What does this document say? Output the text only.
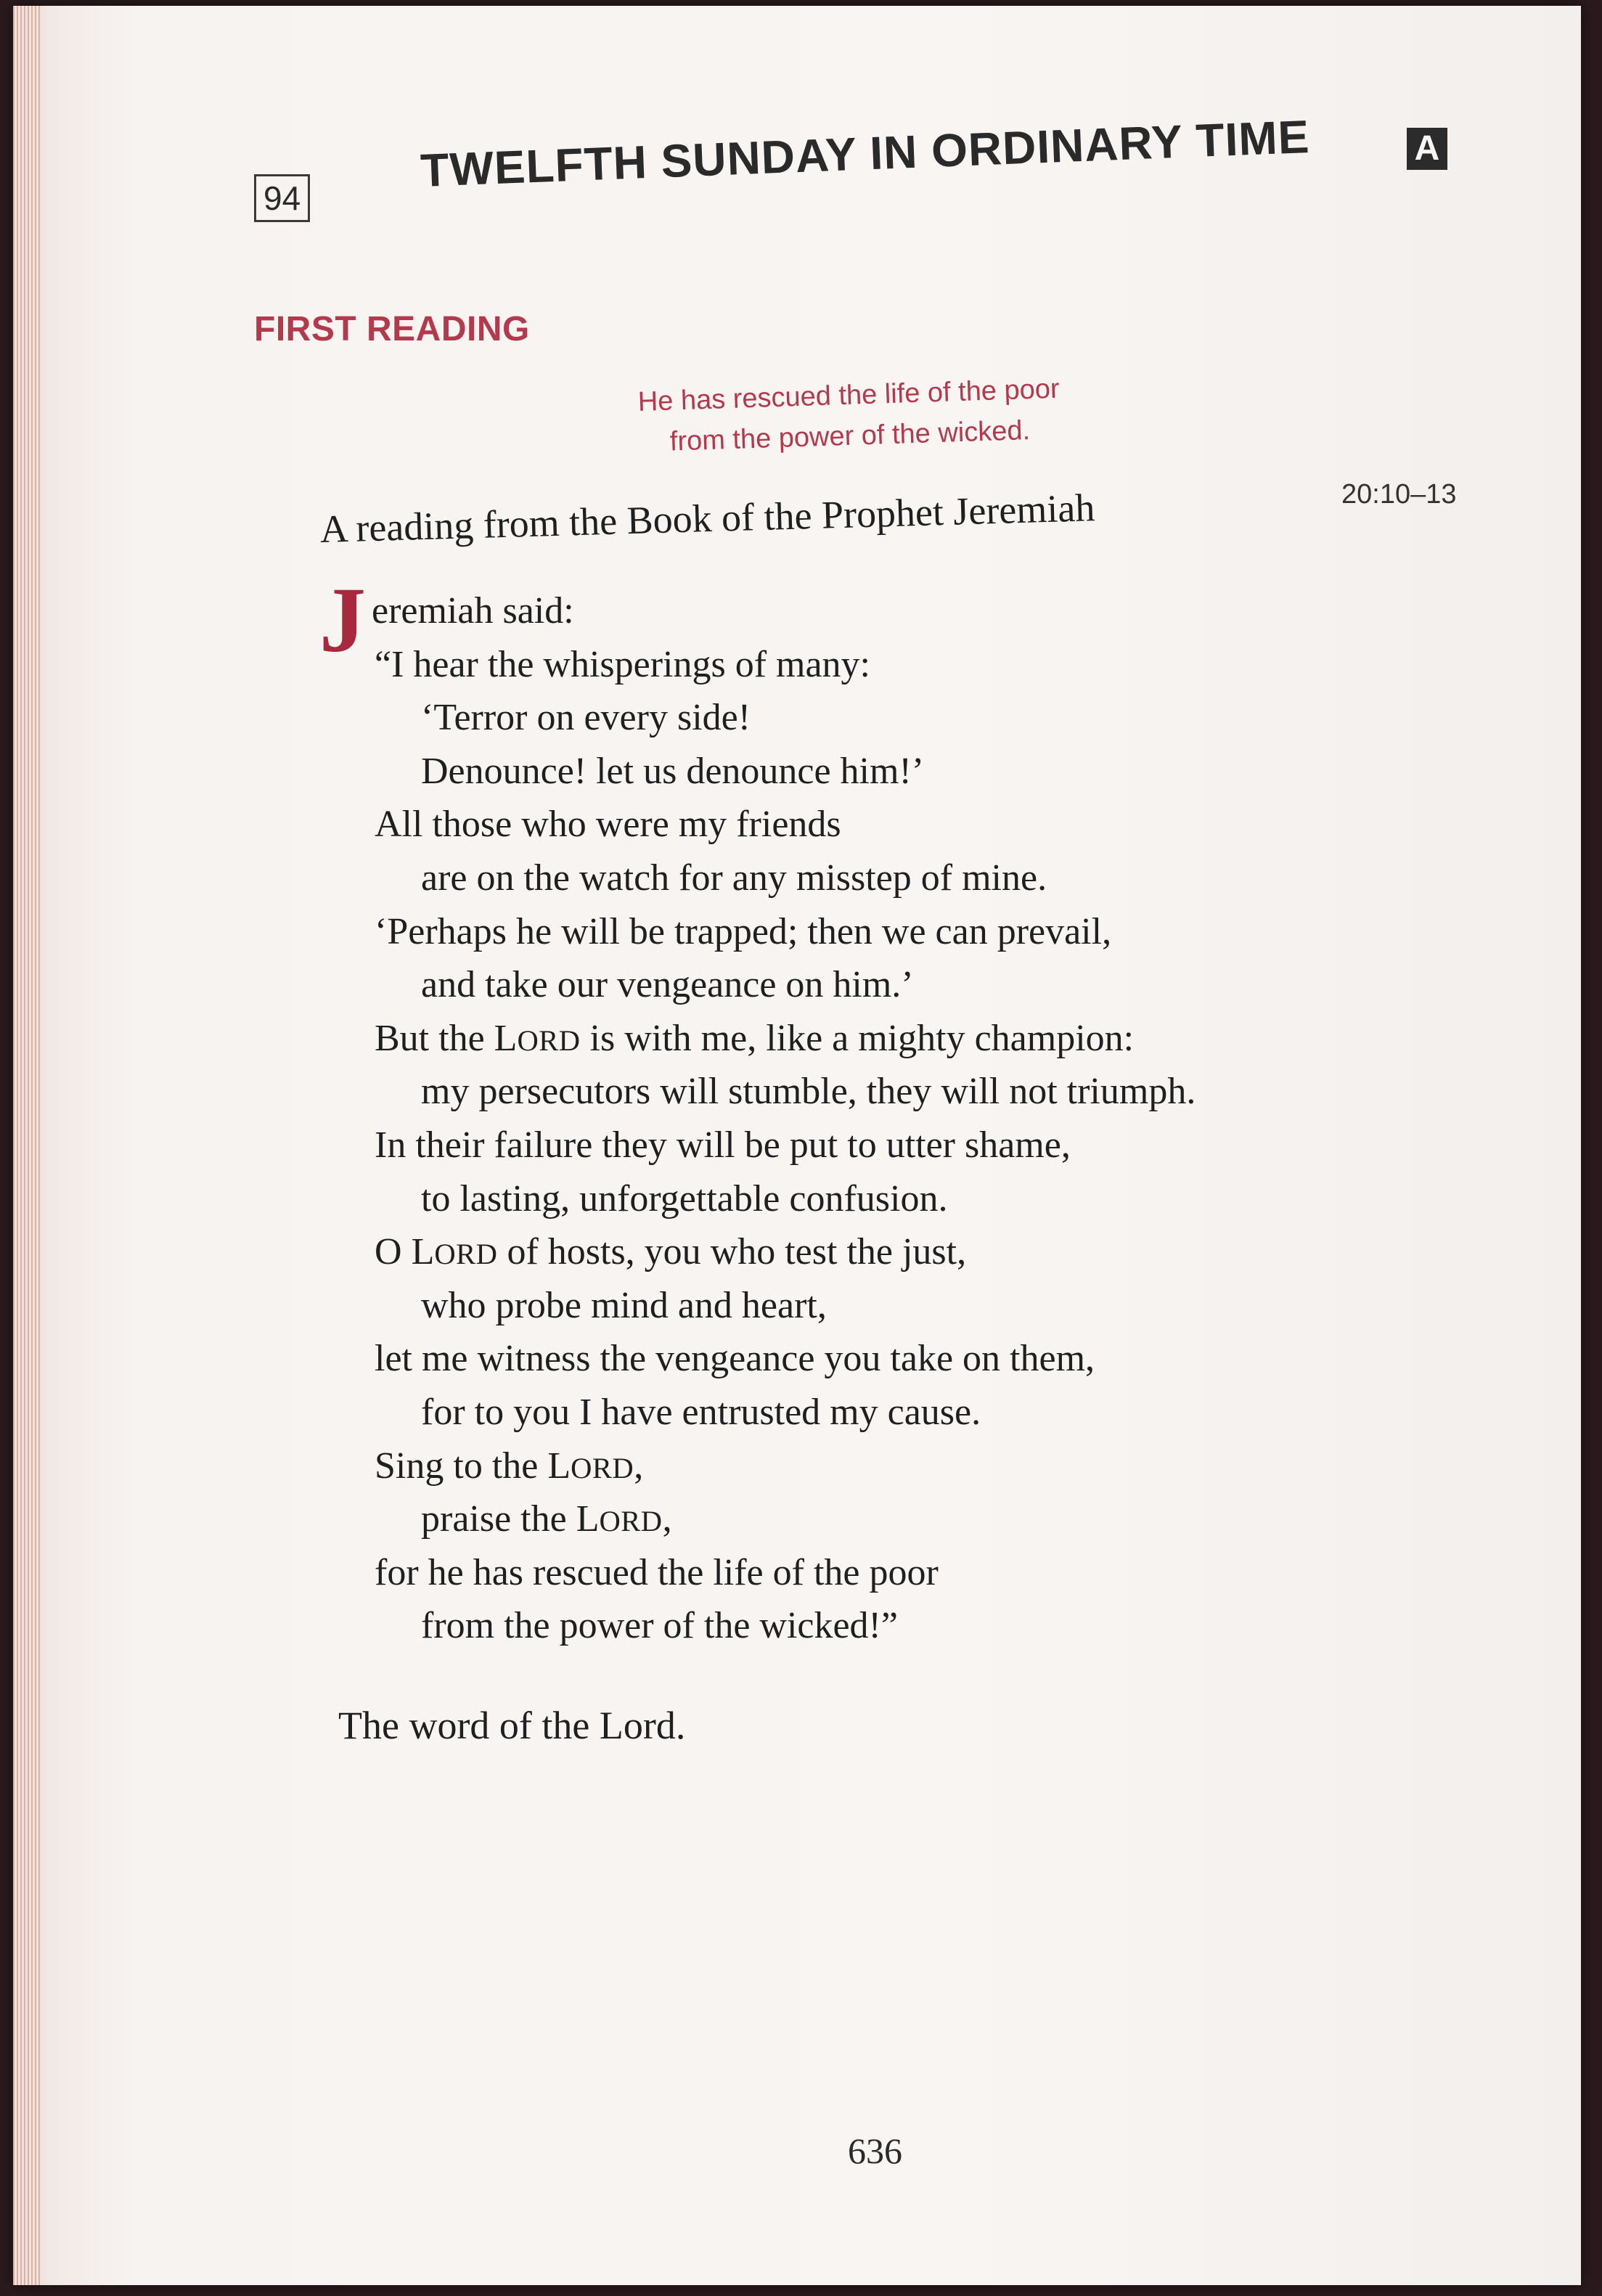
94
TWELFTH SUNDAY IN ORDINARY TIME	A
FIRST READING
He has rescued the life of the poor
from the power of the wicked.
20:10–13
A reading from the Book of the Prophet Jeremiah
J eremiah said:
“I hear the whisperings of many:
‘Terror on every side!
Denounce! let us denounce him!’
All those who were my friends
are on the watch for any misstep of mine.
‘Perhaps he will be trapped; then we can prevail,
and take our vengeance on him.’
But the LORD is with me, like a mighty champion:
my persecutors will stumble, they will not triumph.
In their failure they will be put to utter shame,
to lasting, unforgettable confusion.
O LORD of hosts, you who test the just,
who probe mind and heart,
let me witness the vengeance you take on them,
for to you I have entrusted my cause.
Sing to the LORD,
praise the LORD,
for he has rescued the life of the poor
from the power of the wicked!”
The word of the Lord.
636
